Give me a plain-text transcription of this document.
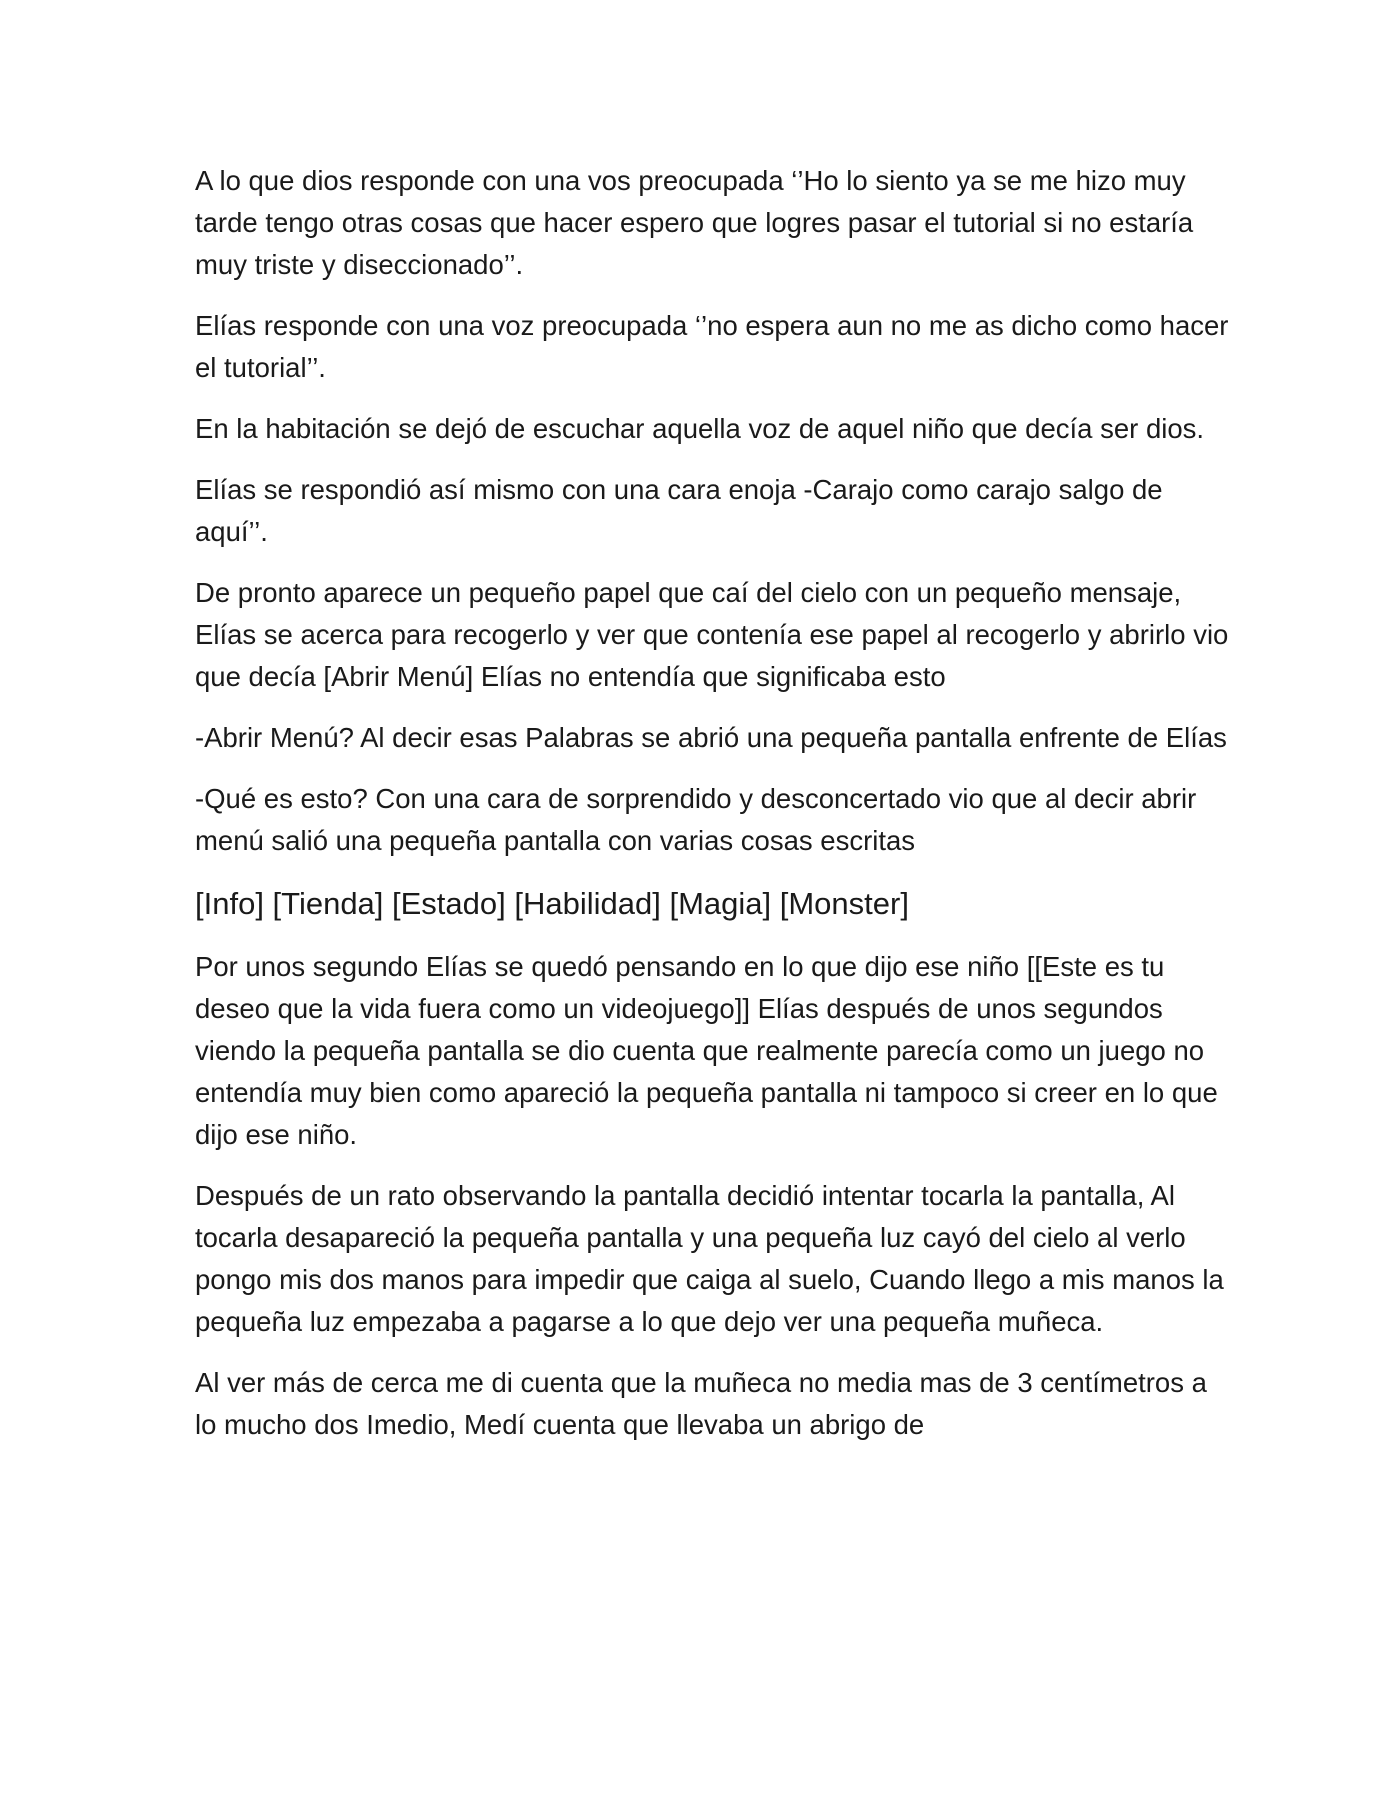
A lo que dios responde con una vos preocupada ‘’Ho lo siento ya se me hizo muy tarde tengo otras cosas que hacer espero que logres pasar el tutorial si no estaría muy triste y diseccionado’’.

Elías responde con una voz preocupada ‘’no espera aun no me as dicho como hacer el tutorial’’.

En la habitación se dejó de escuchar aquella voz de aquel niño que decía ser dios.

Elías se respondió así mismo con una cara enoja -Carajo como carajo salgo de aquí’’.

De pronto aparece un pequeño papel que caí del cielo con un pequeño mensaje, Elías se acerca para recogerlo y ver que contenía ese papel al recogerlo y abrirlo vio que decía [Abrir Menú] Elías no entendía que significaba esto

-Abrir Menú? Al decir esas Palabras se abrió una pequeña pantalla enfrente de Elías

-Qué es esto? Con una cara de sorprendido y desconcertado vio que al decir abrir menú salió una pequeña pantalla con varias cosas escritas

[Info] [Tienda] [Estado] [Habilidad] [Magia] [Monster]

Por unos segundo Elías se quedó pensando en lo que dijo ese niño [[Este es tu deseo que la vida fuera como un videojuego]] Elías después de unos segundos viendo la pequeña pantalla se dio cuenta que realmente parecía como un juego no entendía muy bien como apareció la pequeña pantalla ni tampoco si creer en lo que dijo ese niño.

Después de un rato observando la pantalla decidió intentar tocarla la pantalla, Al tocarla desapareció la pequeña pantalla y una pequeña luz cayó del cielo al verlo pongo mis dos manos para impedir que caiga al suelo, Cuando llego a mis manos la pequeña luz empezaba a pagarse a lo que dejo ver una pequeña muñeca.

Al ver más de cerca me di cuenta que la muñeca no media mas de 3 centímetros a lo mucho dos Imedio, Medí cuenta que llevaba un abrigo de
